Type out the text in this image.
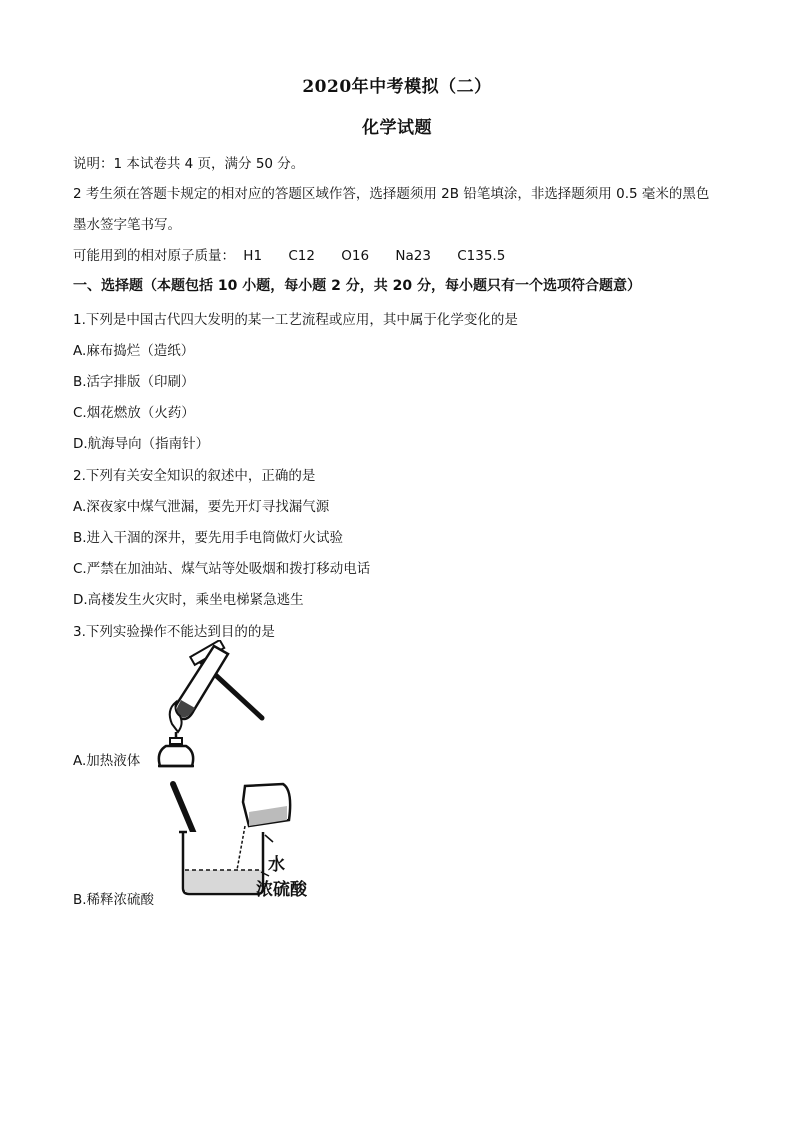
2020年中考模拟（二）
化学试题
说明：1 本试卷共 4 页，满分 50 分。
2 考生须在答题卡规定的相对应的答题区域作答，选择题须用 2B 铅笔填涂，非选择题须用 0.5 毫米的黑色
墨水签字笔书写。
可能用到的相对原子质量： H1 C12 O16 Na23 C135.5
一、选择题（本题包括 10 小题，每小题 2 分，共 20 分，每小题只有一个选项符合题意）
1.下列是中国古代四大发明的某一工艺流程或应用，其中属于化学变化的是
A.麻布捣烂（造纸）
B.活字排版（印刷）
C.烟花燃放（火药）
D.航海导向（指南针）
2.下列有关安全知识的叙述中，正确的是
A.深夜家中煤气泄漏，要先开灯寻找漏气源
B.进入干涸的深井，要先用手电筒做灯火试验
C.严禁在加油站、煤气站等处吸烟和拨打移动电话
D.高楼发生火灾时，乘坐电梯紧急逃生
3.下列实验操作不能达到目的的是
A.加热液体
水
浓硫酸
B.稀释浓硫酸
